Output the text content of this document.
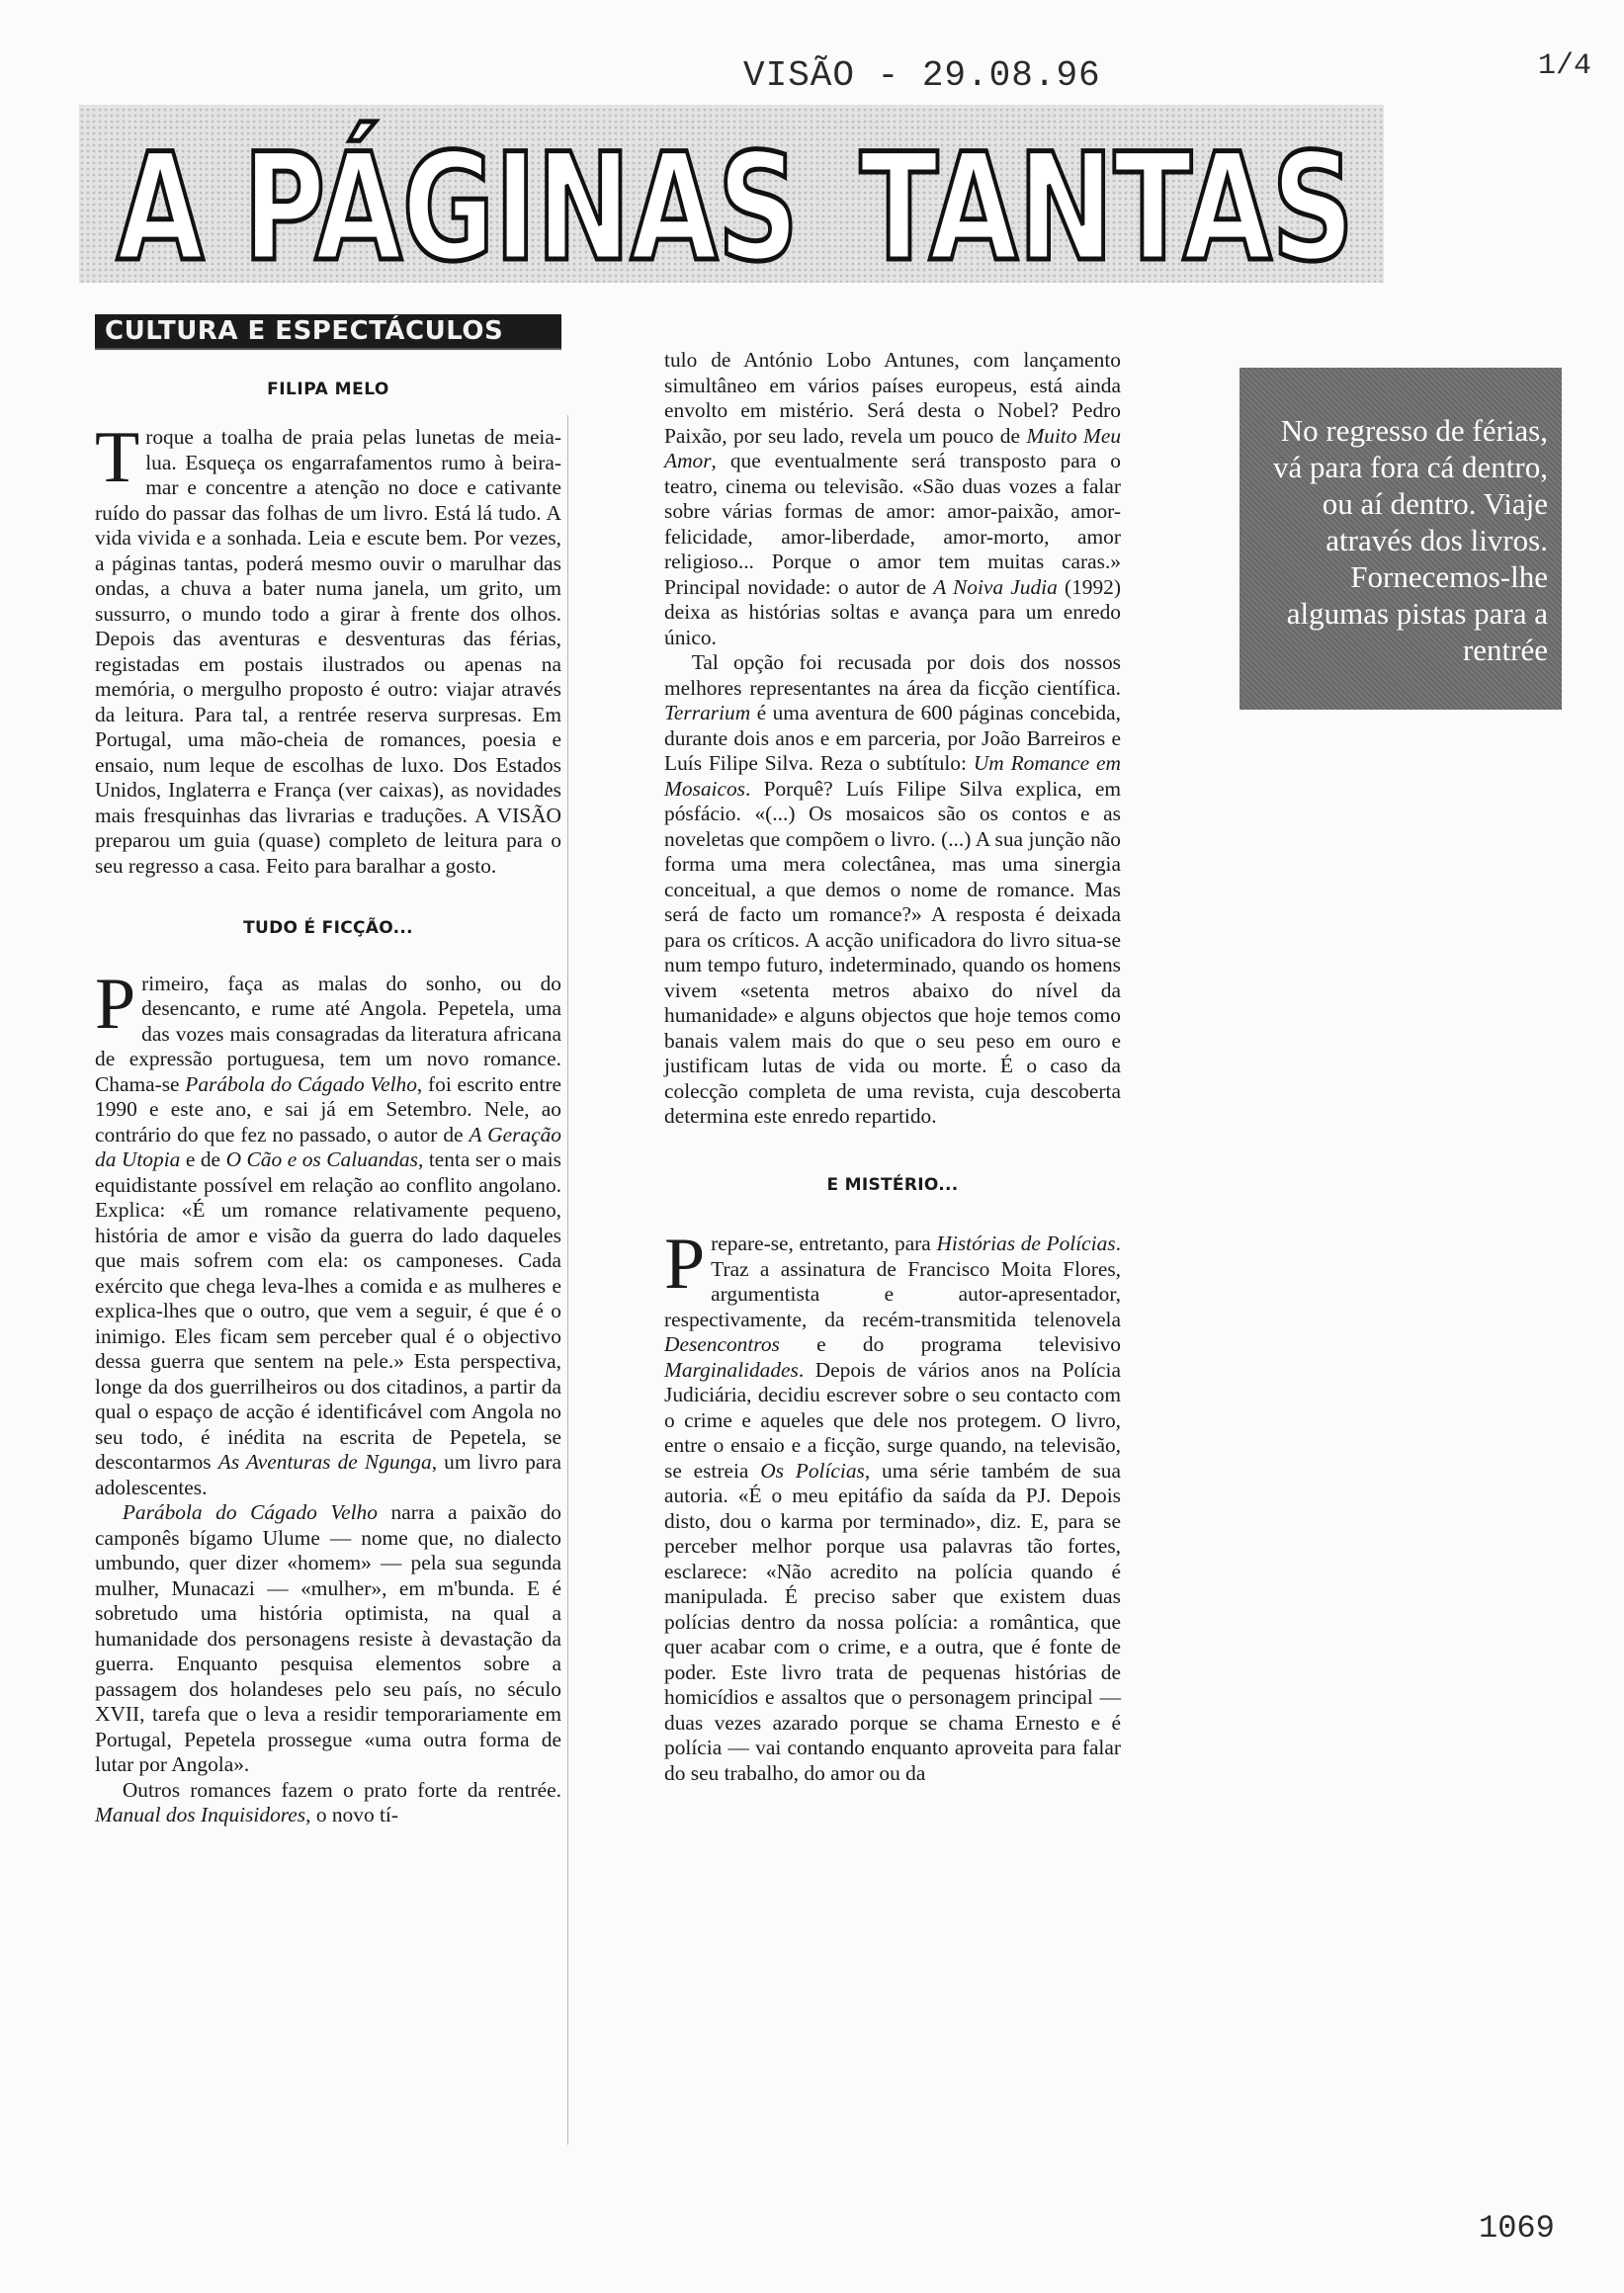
VISÃO - 29.08.96	1/4
A PÁGINAS
TANTAS
CULTURA E ESPECTÁCULOS
FILIPA MELO

Troque a toalha de praia pelas lunetas de meia-lua. Esqueça os engarrafamentos rumo à beira-mar e concentre a atenção no doce e cativante ruído do passar das folhas de um livro. Está lá tudo. A vida vivida e a sonhada. Leia e escute bem. Por vezes, a páginas tantas, poderá mesmo ouvir o marulhar das ondas, a chuva a bater numa janela, um grito, um sussurro, o mundo todo a girar à frente dos olhos. Depois das aventuras e desventuras das férias, registadas em postais ilustrados ou apenas na memória, o mergulho proposto é outro: viajar através da leitura. Para tal, a rentrée reserva surpresas. Em Portugal, uma mão-cheia de romances, poesia e ensaio, num leque de escolhas de luxo. Dos Estados Unidos, Inglaterra e França (ver caixas), as novidades mais fresquinhas das livrarias e traduções. A VISÃO preparou um guia (quase) completo de leitura para o seu regresso a casa. Feito para baralhar a gosto.

TUDO É FICÇÃO...

Primeiro, faça as malas do sonho, ou do desencanto, e rume até Angola. Pepetela, uma das vozes mais consagradas da literatura africana de expressão portuguesa, tem um novo romance. Chama-se Parábola do Cágado Velho, foi escrito entre 1990 e este ano, e sai já em Setembro. Nele, ao contrário do que fez no passado, o autor de A Geração da Utopia e de O Cão e os Caluandas, tenta ser o mais equidistante possível em relação ao conflito angolano. Explica: «É um romance relativamente pequeno, história de amor e visão da guerra do lado daqueles que mais sofrem com ela: os camponeses. Cada exército que chega leva-lhes a comida e as mulheres e explica-lhes que o outro, que vem a seguir, é que é o inimigo. Eles ficam sem perceber qual é o objectivo dessa guerra que sentem na pele.» Esta perspectiva, longe da dos guerrilheiros ou dos citadinos, a partir da qual o espaço de acção é identificável com Angola no seu todo, é inédita na escrita de Pepetela, se descontarmos As Aventuras de Ngunga, um livro para adolescentes.

Parábola do Cágado Velho narra a paixão do camponês bígamo Ulume — nome que, no dialecto umbundo, quer dizer «homem» — pela sua segunda mulher, Munacazi — «mulher», em m'bunda. E é sobretudo uma história optimista, na qual a humanidade dos personagens resiste à devastação da guerra. Enquanto pesquisa elementos sobre a passagem dos holandeses pelo seu país, no século XVII, tarefa que o leva a residir temporariamente em Portugal, Pepetela prossegue «uma outra forma de lutar por Angola».

Outros romances fazem o prato forte da rentrée. Manual dos Inquisidores, o novo tí-

tulo de António Lobo Antunes, com lançamento simultâneo em vários países europeus, está ainda envolto em mistério. Será desta o Nobel? Pedro Paixão, por seu lado, revela um pouco de Muito Meu Amor, que eventualmente será transposto para o teatro, cinema ou televisão. «São duas vozes a falar sobre várias formas de amor: amor-paixão, amor-felicidade, amor-liberdade, amor-morto, amor religioso... Porque o amor tem muitas caras.» Principal novidade: o autor de A Noiva Judia (1992) deixa as histórias soltas e avança para um enredo único.

Tal opção foi recusada por dois dos nossos melhores representantes na área da ficção científica. Terrarium é uma aventura de 600 páginas concebida, durante dois anos e em parceria, por João Barreiros e Luís Filipe Silva. Reza o subtítulo: Um Romance em Mosaicos. Porquê? Luís Filipe Silva explica, em pósfácio. «(...) Os mosaicos são os contos e as noveletas que compõem o livro. (...) A sua junção não forma uma mera colectânea, mas uma sinergia conceitual, a que demos o nome de romance. Mas será de facto um romance?» A resposta é deixada para os críticos. A acção unificadora do livro situa-se num tempo futuro, indeterminado, quando os homens vivem «setenta metros abaixo do nível da humanidade» e alguns objectos que hoje temos como banais valem mais do que o seu peso em ouro e justificam lutas de vida ou morte. É o caso da colecção completa de uma revista, cuja descoberta determina este enredo repartido.

E MISTÉRIO...

Prepare-se, entretanto, para Histórias de Polícias. Traz a assinatura de Francisco Moita Flores, argumentista e autor-apresentador, respectivamente, da recém-transmitida telenovela Desencontros e do programa televisivo Marginalidades. Depois de vários anos na Polícia Judiciária, decidiu escrever sobre o seu contacto com o crime e aqueles que dele nos protegem. O livro, entre o ensaio e a ficção, surge quando, na televisão, se estreia Os Polícias, uma série também de sua autoria. «É o meu epitáfio da saída da PJ. Depois disto, dou o karma por terminado», diz. E, para se perceber melhor porque usa palavras tão fortes, esclarece: «Não acredito na polícia quando é manipulada. É preciso saber que existem duas polícias dentro da nossa polícia: a romântica, que quer acabar com o crime, e a outra, que é fonte de poder. Este livro trata de pequenas histórias de homicídios e assaltos que o personagem principal — duas vezes azarado porque se chama Ernesto e é polícia — vai contando enquanto aproveita para falar do seu trabalho, do amor ou da

No regresso de férias, vá para fora cá dentro, ou aí dentro. Viaje através dos livros. Fornecemos-lhe algumas pistas para a rentrée
1069
